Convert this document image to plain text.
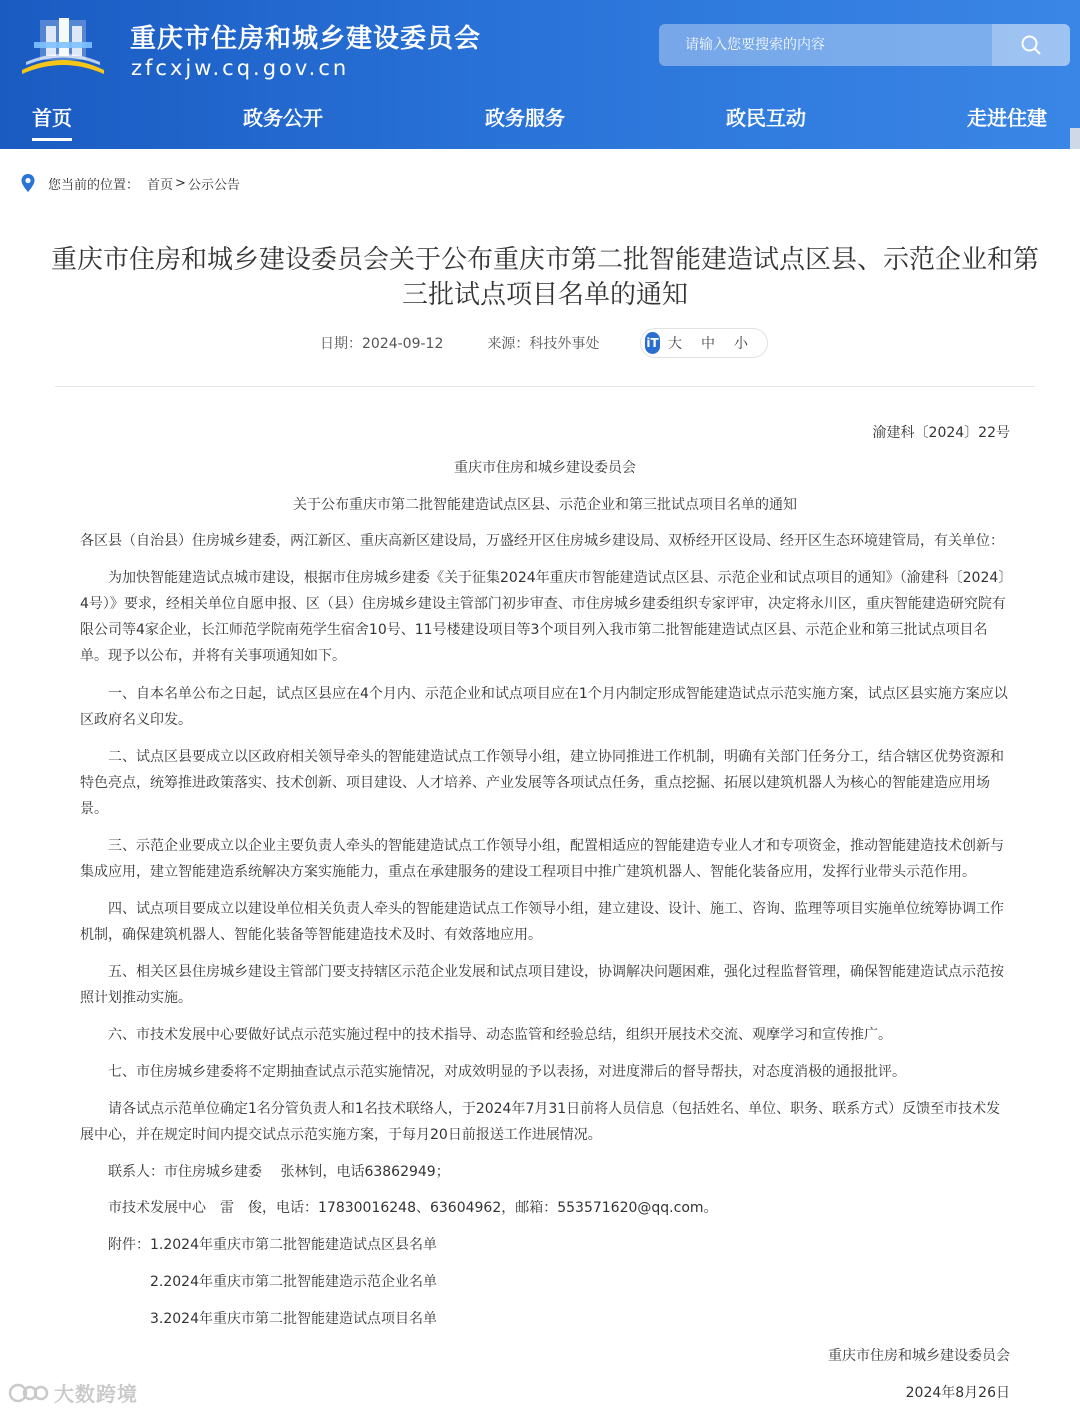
重庆市住房和城乡建设委员会
zfcxjw.cq.gov.cn
请输入您要搜索的内容
首页	政务公开	政务服务	政民互动	走进住建
您当前的位置： 首页 > 公示公告
重庆市住房和城乡建设委员会关于公布重庆市第二批智能建造试点区县、示范企业和第三批试点项目名单的通知
日期：2024-09-12	来源：科技外事处	iT 大 中 小
渝建科〔2024〕22号
重庆市住房和城乡建设委员会
关于公布重庆市第二批智能建造试点区县、示范企业和第三批试点项目名单的通知
各区县（自治县）住房城乡建委，两江新区、重庆高新区建设局，万盛经开区住房城乡建设局、双桥经开区设局、经开区生态环境建管局，有关单位：
为加快智能建造试点城市建设，根据市住房城乡建委《关于征集2024年重庆市智能建造试点区县、示范企业和试点项目的通知》（渝建科〔2024〕4号）》要求，经相关单位自愿申报、区（县）住房城乡建设主管部门初步审查、市住房城乡建委组织专家评审，决定将永川区，重庆智能建造研究院有限公司等4家企业，长江师范学院南苑学生宿舍10号、11号楼建设项目等3个项目列入我市第二批智能建造试点区县、示范企业和第三批试点项目名单。现予以公布，并将有关事项通知如下。
一、自本名单公布之日起，试点区县应在4个月内、示范企业和试点项目应在1个月内制定形成智能建造试点示范实施方案，试点区县实施方案应以区政府名义印发。
二、试点区县要成立以区政府相关领导牵头的智能建造试点工作领导小组，建立协同推进工作机制，明确有关部门任务分工，结合辖区优势资源和特色亮点，统筹推进政策落实、技术创新、项目建设、人才培养、产业发展等各项试点任务，重点挖掘、拓展以建筑机器人为核心的智能建造应用场景。
三、示范企业要成立以企业主要负责人牵头的智能建造试点工作领导小组，配置相适应的智能建造专业人才和专项资金，推动智能建造技术创新与集成应用，建立智能建造系统解决方案实施能力，重点在承建服务的建设工程项目中推广建筑机器人、智能化装备应用，发挥行业带头示范作用。
四、试点项目要成立以建设单位相关负责人牵头的智能建造试点工作领导小组，建立建设、设计、施工、咨询、监理等项目实施单位统筹协调工作机制，确保建筑机器人、智能化装备等智能建造技术及时、有效落地应用。
五、相关区县住房城乡建设主管部门要支持辖区示范企业发展和试点项目建设，协调解决问题困难，强化过程监督管理，确保智能建造试点示范按照计划推动实施。
六、市技术发展中心要做好试点示范实施过程中的技术指导、动态监管和经验总结，组织开展技术交流、观摩学习和宣传推广。
七、市住房城乡建委将不定期抽查试点示范实施情况，对成效明显的予以表扬，对进度滞后的督导帮扶，对态度消极的通报批评。
请各试点示范单位确定1名分管负责人和1名技术联络人，于2024年7月31日前将人员信息（包括姓名、单位、职务、联系方式）反馈至市技术发展中心，并在规定时间内提交试点示范实施方案，于每月20日前报送工作进展情况。
联系人：市住房城乡建委　 张林钊，电话63862949；
市技术发展中心　雷　俊，电话：17830016248、63604962，邮箱：553571620@qq.com。
附件：1.2024年重庆市第二批智能建造试点区县名单
2.2024年重庆市第二批智能建造示范企业名单
3.2024年重庆市第二批智能建造试点项目名单
重庆市住房和城乡建设委员会
2024年8月26日
大数跨境
